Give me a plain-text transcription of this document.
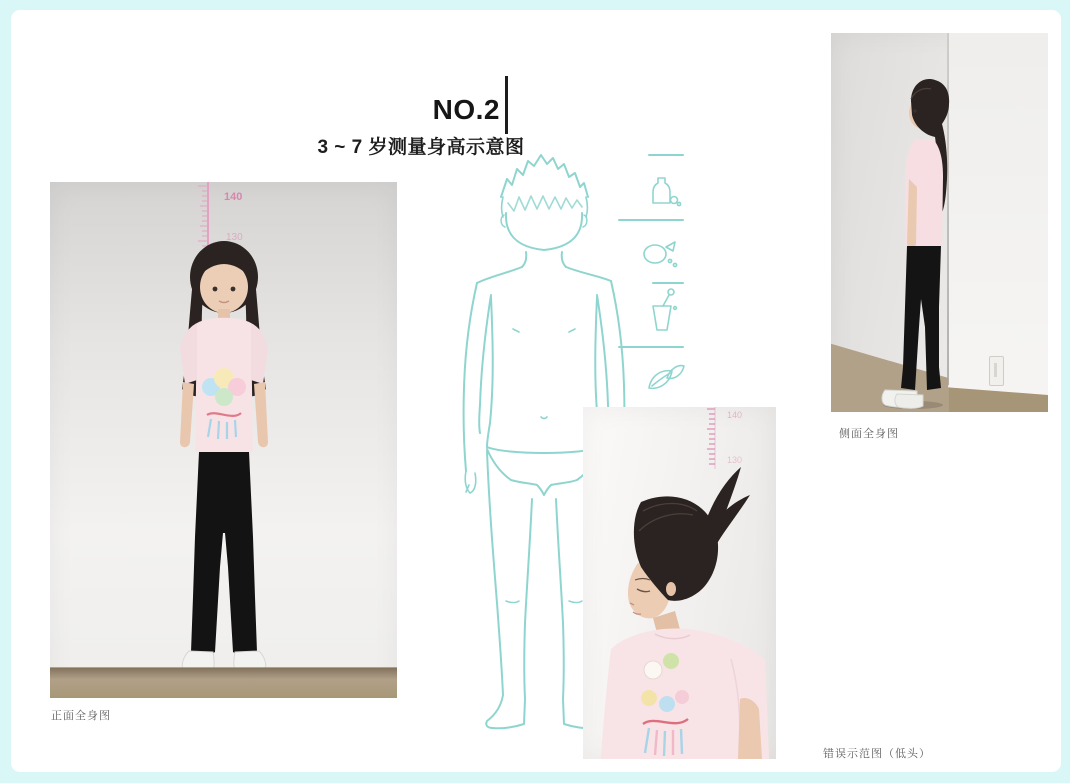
NO.2
3 ~ 7 岁测量身高示意图
140
130
正面全身图
侧面全身图
140
130
错误示范图（低头）
